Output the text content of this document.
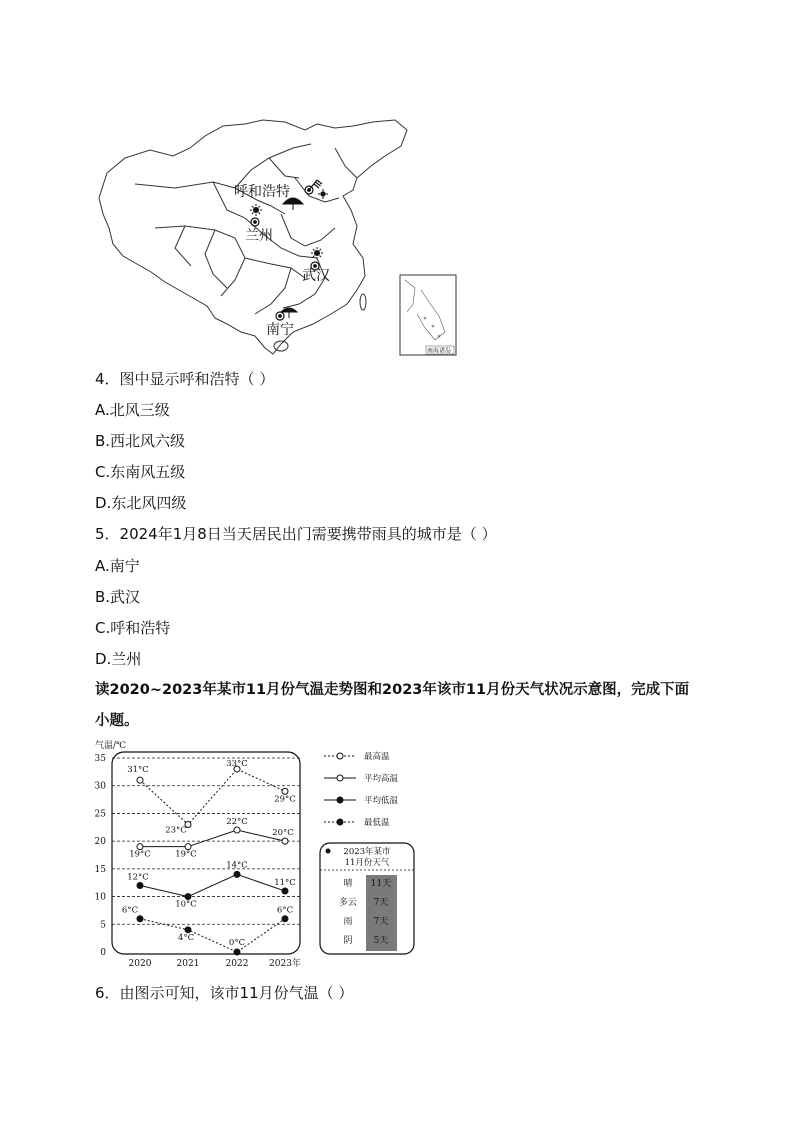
呼和浩特
兰州
武汉
南宁
南海诸岛
4．图中显示呼和浩特（ ）
A.北风三级
B.西北风六级
C.东南风五级
D.东北风四级
5．2024年1月8日当天居民出门需要携带雨具的城市是（ ）
A.南宁
B.武汉
C.呼和浩特
D.兰州
读2020~2023年某市11月份气温走势图和2023年该市11月份天气状况示意图，完成下面
小题。
气温/℃
0
5
10
15
20
25
30
35
2020	2021	2022 2023年
31°C
23°C
33°C
29°C
19°C	19°C
22°C
20°C
12°C
10°C
14°C
11°C
6°C
4°C
0°C
6°C
最高温
平均高温
平均低温
最低温
2023年某市
11月份天气
晴 11天
多云 7天
雨 7天
阴 5天
6．由图示可知，该市11月份气温（ ）
